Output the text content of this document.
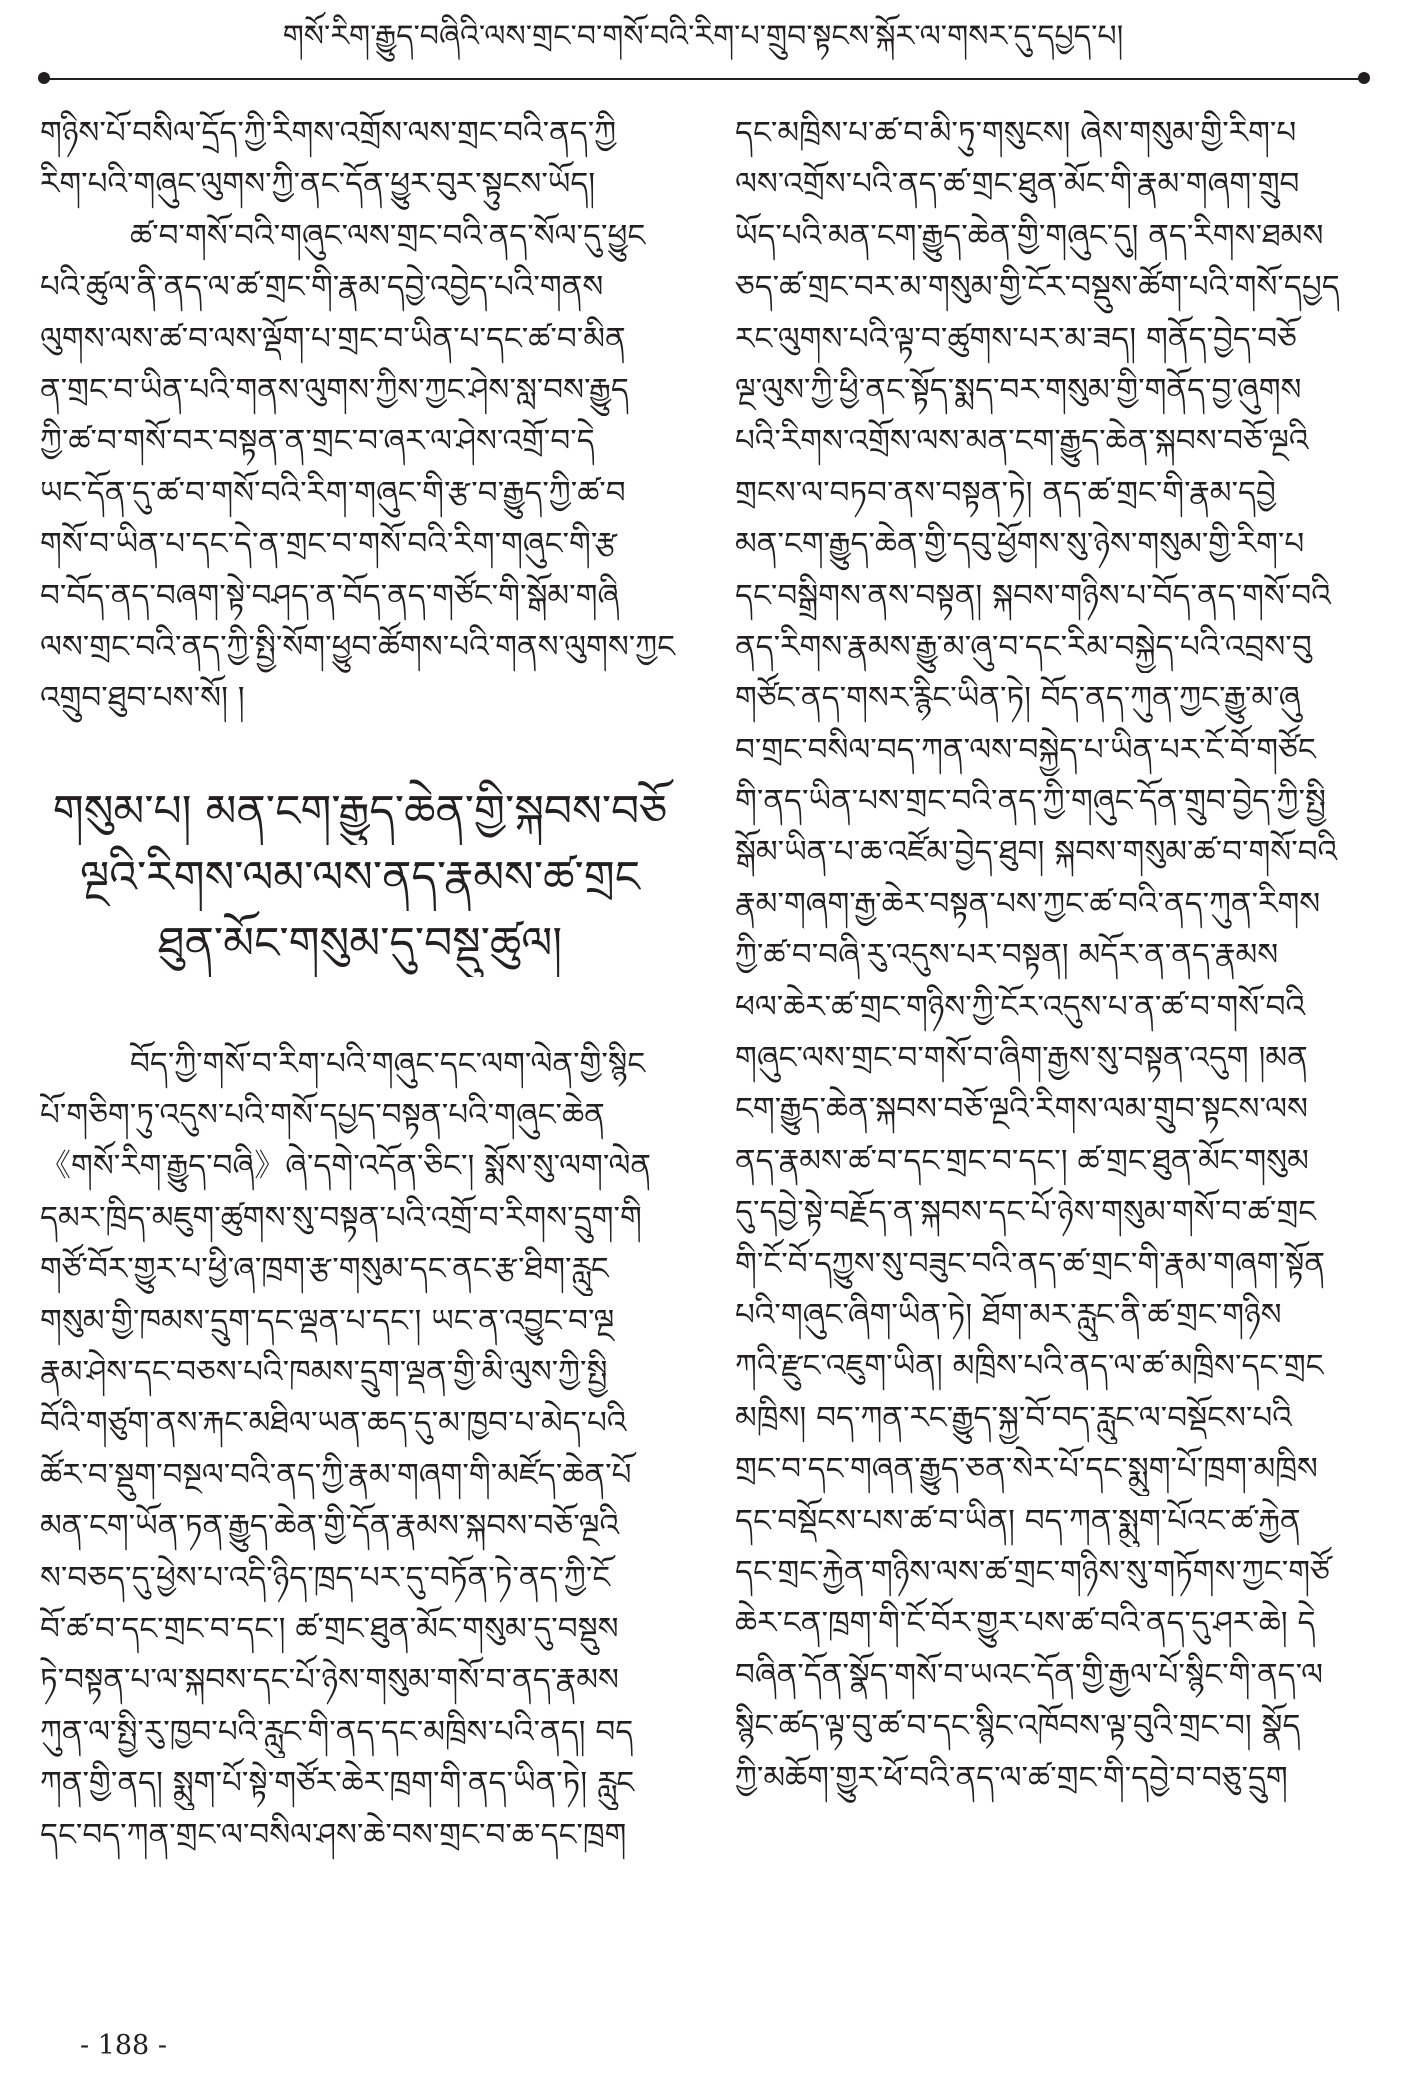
གསོ་རིག་རྒྱུད་བཞིའི་ལས་གྲང་བ་གསོ་བའི་རིག་པ་གྲུབ་སྟངས་སྐོར་ལ་གསར་དུ་དཔྱད་པ།
གཉིས་པོ་བསིལ་དྲོད་ཀྱི་རིགས་འགྲོས་ལས་གྲང་བའི་ནད་ཀྱི
རིག་པའི་གཞུང་ལུགས་ཀྱི་ནང་དོན་ཕྱུར་བུར་སྟུངས་ཡོད།
ཚ་བ་གསོ་བའི་གཞུང་ལས་གྲང་བའི་ནད་སོལ་དུ་ཕྱུང
པའི་ཚུལ་ནི་ནད་ལ་ཚ་གྲང་གི་རྣམ་དབྱེ་འབྱེད་པའི་གནས
ལུགས་ལས་ཚ་བ་ལས་ལྡོག་པ་གྲང་བ་ཡིན་པ་དང་ཚ་བ་མིན
ན་གྲང་བ་ཡིན་པའི་གནས་ལུགས་ཀྱིས་ཀྱང་ཤེས་སླ་བས་རྒྱུད
ཀྱི་ཚ་བ་གསོ་བར་བསྟན་ན་གྲང་བ་ཞར་ལ་ཤེས་འགྲོ་བ་དེ
ཡང་དོན་དུ་ཚ་བ་གསོ་བའི་རིག་གཞུང་གི་རྩ་བ་རྒྱུད་ཀྱི་ཚ་བ
གསོ་བ་ཡིན་པ་དང་དེ་ན་གྲང་བ་གསོ་བའི་རིག་གཞུང་གི་རྩ
བ་བོད་ནད་བཞག་སྟེ་བཤད་ན་བོད་ནད་གཙོང་གི་སྒོམ་གཞི
ལས་གྲང་བའི་ནད་ཀྱི་སྤྱི་སོག་ཕྱུབ་ཚོགས་པའི་གནས་ལུགས་ཀྱང
འགྲུབ་ཐུབ་པས་སོ། །
གསུམ་པ། མན་ངག་རྒྱུད་ཆེན་གྱི་སྐབས་བཅོ
ལྔའི་རིགས་ལམ་ལས་ནད་རྣམས་ཚ་གྲང
ཐུན་མོང་གསུམ་དུ་བསྡུ་ཚུལ།
བོད་ཀྱི་གསོ་བ་རིག་པའི་གཞུང་དང་ལག་ལེན་གྱི་སྙིང
པོ་གཅིག་ཏུ་འདུས་པའི་གསོ་དཔྱད་བསྟན་པའི་གཞུང་ཆེན
《གསོ་རིག་རྒྱུད་བཞི》ཞེ་དགེ་འདོན་ཅིང་། སྨོས་སུ་ལག་ལེན
དམར་ཁྲིད་མཇུག་ཚུགས་སུ་བསྟན་པའི་འགྲོ་བ་རིགས་དྲུག་གི
གཙོ་བོར་གྱུར་པ་ཕྱི་ཞ་ཁྲག་རྩ་གསུམ་དང་ནང་རྩ་ཐིག་རླུང
གསུམ་གྱི་ཁམས་དྲུག་དང་ལྡན་པ་དང་། ཡང་ན་འབྱུང་བ་ལྔ
རྣམ་ཤེས་དང་བཅས་པའི་ཁམས་དྲུག་ལྡན་གྱི་མི་ལུས་ཀྱི་སྤྱི
བོའི་གཙུག་ནས་རྐང་མཐིལ་ཡན་ཆད་དུ་མ་ཁྱབ་པ་མེད་པའི
ཚོར་བ་སྡུག་བསྔལ་བའི་ནད་ཀྱི་རྣམ་གཞག་གི་མཛོད་ཆེན་པོ
མན་ངག་ཡོན་ཏན་རྒྱུད་ཆེན་གྱི་དོན་རྣམས་སྐབས་བཅོ་ལྔའི
ས་བཅད་དུ་ཕྱེས་པ་འདི་ཉིད་ཁྲད་པར་དུ་བཏོན་ཏེ་ནད་ཀྱི་ངོ
བོ་ཚ་བ་དང་གྲང་བ་དང་། ཚ་གྲང་ཐུན་མོང་གསུམ་དུ་བསྡུས
ཏེ་བསྟན་པ་ལ་སྐབས་དང་པོ་ཉེས་གསུམ་གསོ་བ་ནད་རྣམས
ཀུན་ལ་སྤྱི་རུ་ཁྱབ་པའི་རླུང་གི་ནད་དང་མཁྲིས་པའི་ནད། བད
ཀན་གྱི་ནད། སྨུག་པོ་སྟེ་གཙོར་ཆེར་ཁྲག་གི་ནད་ཡིན་ཏེ། རླུང
དང་བད་ཀན་གྲང་ལ་བསིལ་ཤས་ཆེ་བས་གྲང་བ་ཆ་དང་ཁྲག
དང་མཁྲིས་པ་ཚ་བ་མི་ཏུ་གསུངས། ཞེས་གསུམ་གྱི་རིག་པ
ལས་འགྲོས་པའི་ནད་ཚ་གྲང་ཐུན་མོང་གི་རྣམ་གཞག་གྲུབ
ཡོད་པའི་མན་ངག་རྒྱུད་ཆེན་གྱི་གཞུང་དུ། ནད་རིགས་ཐམས
ཅད་ཚ་གྲང་བར་མ་གསུམ་གྱི་ངོར་བསྡུས་ཚོག་པའི་གསོ་དཔྱད
རང་ལུགས་པའི་ལྟ་བ་ཚུགས་པར་མ་ཟད། གནོད་བྱེད་བཅོ
ལྔ་ལུས་ཀྱི་ཕྱི་ནང་སྟོད་སྨད་བར་གསུམ་གྱི་གནོད་བྱ་ཞུགས
པའི་རིགས་འགྲོས་ལས་མན་ངག་རྒྱུད་ཆེན་སྐབས་བཅོ་ལྔའི
གྲངས་ལ་བཏབ་ནས་བསྟན་ཏེ། ནད་ཚ་གྲང་གི་རྣམ་དབྱེ
མན་ངག་རྒྱུད་ཆེན་གྱི་དབུ་ཕྱོགས་སུ་ཉེས་གསུམ་གྱི་རིག་པ
དང་བསྒྲིགས་ནས་བསྟན། སྐབས་གཉིས་པ་བོད་ནད་གསོ་བའི
ནད་རིགས་རྣམས་རྒྱུ་མ་ཞུ་བ་དང་རིམ་བསྐྱེད་པའི་འབྲས་བུ
གཙོང་ནད་གསར་རྙིང་ཡིན་ཏེ། བོད་ནད་ཀུན་ཀྱང་རྒྱུ་མ་ཞུ
བ་གྲང་བསིལ་བད་ཀན་ལས་བསྐྱེད་པ་ཡིན་པར་ངོ་བོ་གཙོང
གི་ནད་ཡིན་པས་གྲང་བའི་ནད་ཀྱི་གཞུང་དོན་གྲུབ་བྱེད་ཀྱི་སྤྱི
སྒོམ་ཡིན་པ་ཆ་འཛོམ་བྱེད་ཐུབ། སྐབས་གསུམ་ཚ་བ་གསོ་བའི
རྣམ་གཞག་རྒྱ་ཆེར་བསྟན་པས་ཀྱང་ཚ་བའི་ནད་ཀུན་རིགས
ཀྱི་ཚ་བ་བཞི་རུ་འདུས་པར་བསྟན། མདོར་ན་ནད་རྣམས
ཕལ་ཆེར་ཚ་གྲང་གཉིས་ཀྱི་ངོར་འདུས་པ་ན་ཚ་བ་གསོ་བའི
གཞུང་ལས་གྲང་བ་གསོ་བ་ཞིག་རྒྱས་སུ་བསྟན་འདུག །མན
ངག་རྒྱུད་ཆེན་སྐབས་བཅོ་ལྔའི་རིགས་ལམ་གྲུབ་སྟངས་ལས
ནད་རྣམས་ཚ་བ་དང་གྲང་བ་དང་། ཚ་གྲང་ཐུན་མོང་གསུམ
དུ་དབྱེ་སྟེ་བརྗོད་ན་སྐབས་དང་པོ་ཉེས་གསུམ་གསོ་བ་ཚ་གྲང
གི་ངོ་བོ་དཀྱུས་སུ་བཟུང་བའི་ནད་ཚ་གྲང་གི་རྣམ་གཞག་སྟོན
པའི་གཞུང་ཞིག་ཡིན་ཏེ། ཐོག་མར་རླུང་ནི་ཚ་གྲང་གཉིས
ཀའི་རྫུང་འཇུག་ཡིན། མཁྲིས་པའི་ནད་ལ་ཚ་མཁྲིས་དང་གྲང
མཁྲིས། བད་ཀན་རང་རྒྱུད་སྐྱ་བོ་བད་རླུང་ལ་བསྡོངས་པའི
གྲང་བ་དང་གཞན་རྒྱུད་ཅན་སེར་པོ་དང་སྨུག་པོ་ཁྲག་མཁྲིས
དང་བསྡོངས་པས་ཚ་བ་ཡིན། བད་ཀན་སྨུག་པོའང་ཚ་རྐྱེན
དང་གྲང་རྐྱེན་གཉིས་ལས་ཚ་གྲང་གཉིས་སུ་གཏོགས་ཀྱང་གཙོ
ཆེར་ངན་ཁྲག་གི་ངོ་བོར་གྱུར་པས་ཚ་བའི་ནད་དུ་ཤར་ཆེ། དེ
བཞིན་དོན་སྣོད་གསོ་བ་ཡའང་དོན་གྱི་རྒྱལ་པོ་སྙིང་གི་ནད་ལ
སྙིང་ཚད་ལྟ་བུ་ཚ་བ་དང་སྙིང་འཁོབས་ལྟ་བུའི་གྲང་བ། སྣོད
ཀྱི་མཆོག་གྱུར་ཕོ་བའི་ནད་ལ་ཚ་གྲང་གི་དབྱེ་བ་བཅུ་དྲུག
- 188 -
